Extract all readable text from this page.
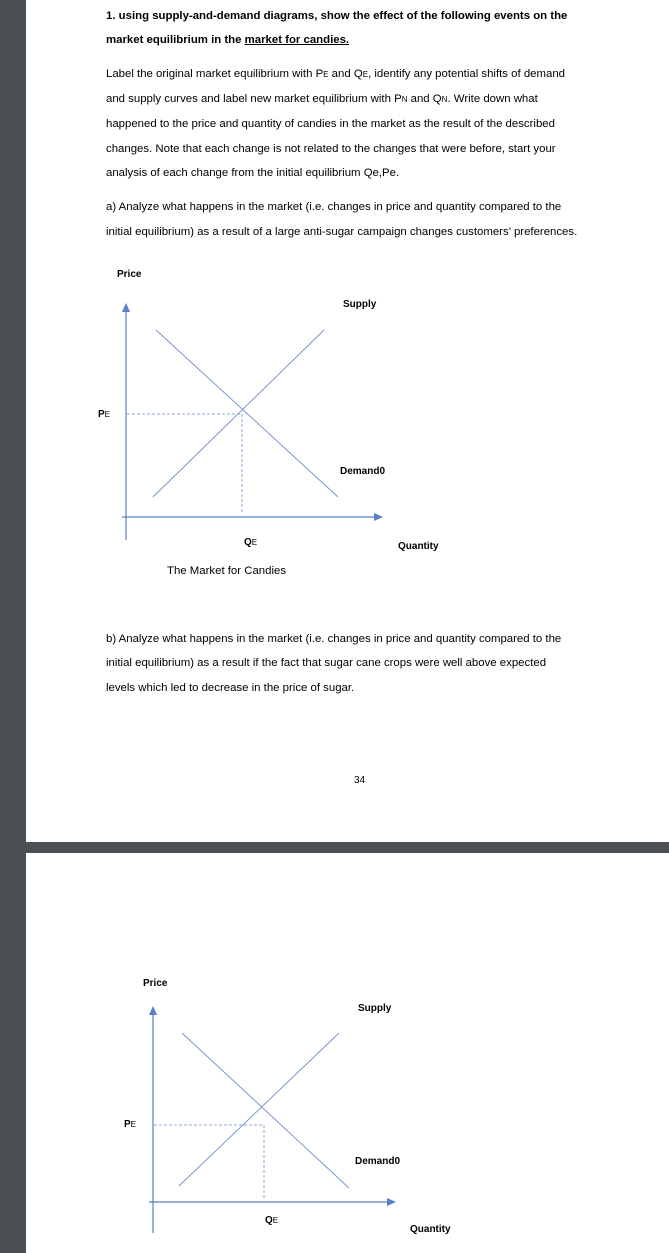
1. using supply-and-demand diagrams, show the effect of the following events on the
market equilibrium in the market for candies.
Label the original market equilibrium with PE and QE, identify any potential shifts of demand
and supply curves and label new market equilibrium with PN and QN. Write down what
happened to the price and quantity of candies in the market as the result of the described
changes. Note that each change is not related to the changes that were before, start your
analysis of each change from the initial equilibrium Qe,Pe.
a) Analyze what happens in the market (i.e. changes in price and quantity compared to the
initial equilibrium) as a result of a large anti-sugar campaign changes customers’ preferences.
Price
Supply
Demand0
PE
QE	Quantity
The Market for Candies
b) Analyze what happens in the market (i.e. changes in price and quantity compared to the
initial equilibrium) as a result if the fact that sugar cane crops were well above expected
levels which led to decrease in the price of sugar.
34
Price
Supply
Demand0
PE
QE
Quantity
